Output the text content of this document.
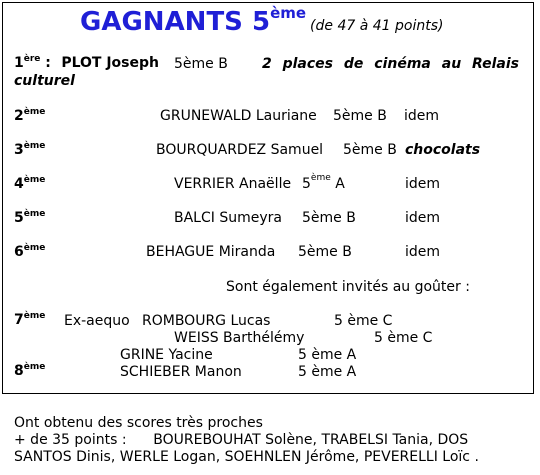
GAGNANTS 5ème(de 47 à 41 points)
1ère : PLOT Joseph 5ème B 2 places de cinéma au Relais
culturel
2ème	GRUNEWALD Lauriane 5ème B idem
3ème	BOURQUARDEZ Samuel 5ème B chocolats
4ème	VERRIER Anaëlle 5ème A	idem
5ème	BALCI Sumeyra 5ème B	idem
6ème	BEHAGUE Miranda 5ème B	idem
Sont également invités au goûter :
7ème Ex-aequo ROMBOURG Lucas	5 ème C
WEISS Barthélémy	5 ème C
GRINE Yacine	5 ème A
8ème	SCHIEBER Manon	5 ème A
Ont obtenu des scores très proches
+ de 35 points :      BOUREBOUHAT Solène, TRABELSI Tania, DOS
SANTOS Dinis, WERLE Logan, SOEHNLEN Jérôme, PEVERELLI Loïc .
